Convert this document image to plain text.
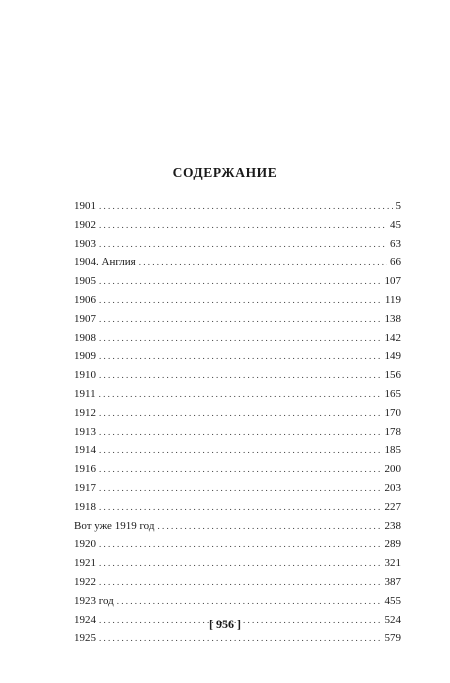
СОДЕРЖАНИЕ
1901 . . .	5
1902 . . .	45
1903 . . .	63
1904. Англия . . .	66
1905 . . .	107
1906 . . .	119
1907 . . .	138
1908 . . .	142
1909 . . .	149
1910 . . .	156
1911 . . .	165
1912 . . .	170
1913 . . .	178
1914 . . .	185
1916 . . .	200
1917 . . .	203
1918 . . .	227
Вот уже 1919 год . . .	238
1920 . . .	289
1921 . . .	321
1922 . . .	387
1923 год . . .	455
1924 . . .	524
1925 . . .	579
[ 956 ]
